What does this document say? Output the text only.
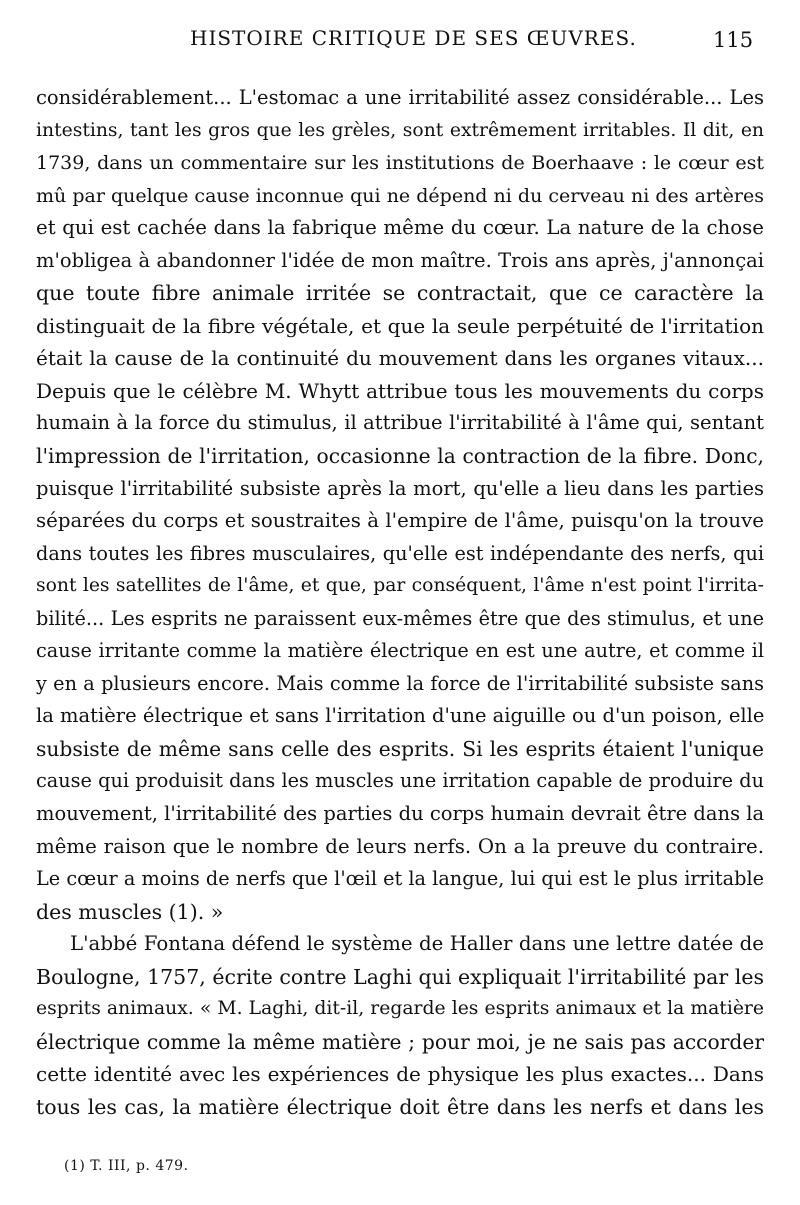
HISTOIRE CRITIQUE DE SES ŒUVRES.	115
considérablement... L'estomac a une irritabilité assez considérable... Les
intestins, tant les gros que les grèles, sont extrêmement irritables. Il dit, en
1739, dans un commentaire sur les institutions de Boerhaave : le cœur est
mû par quelque cause inconnue qui ne dépend ni du cerveau ni des artères
et qui est cachée dans la fabrique même du cœur. La nature de la chose
m'obligea à abandonner l'idée de mon maître. Trois ans après, j'annonçai
que toute fibre animale irritée se contractait, que ce caractère la
distinguait de la fibre végétale, et que la seule perpétuité de l'irritation
était la cause de la continuité du mouvement dans les organes vitaux...
Depuis que le célèbre M. Whytt attribue tous les mouvements du corps
humain à la force du stimulus, il attribue l'irritabilité à l'âme qui, sentant
l'impression de l'irritation, occasionne la contraction de la fibre. Donc,
puisque l'irritabilité subsiste après la mort, qu'elle a lieu dans les parties
séparées du corps et soustraites à l'empire de l'âme, puisqu'on la trouve
dans toutes les fibres musculaires, qu'elle est indépendante des nerfs, qui
sont les satellites de l'âme, et que, par conséquent, l'âme n'est point l'irrita-
bilité... Les esprits ne paraissent eux-mêmes être que des stimulus, et une
cause irritante comme la matière électrique en est une autre, et comme il
y en a plusieurs encore. Mais comme la force de l'irritabilité subsiste sans
la matière électrique et sans l'irritation d'une aiguille ou d'un poison, elle
subsiste de même sans celle des esprits. Si les esprits étaient l'unique
cause qui produisit dans les muscles une irritation capable de produire du
mouvement, l'irritabilité des parties du corps humain devrait être dans la
même raison que le nombre de leurs nerfs. On a la preuve du contraire.
Le cœur a moins de nerfs que l'œil et la langue, lui qui est le plus irritable
des muscles (1). »
L'abbé Fontana défend le système de Haller dans une lettre datée de
Boulogne, 1757, écrite contre Laghi qui expliquait l'irritabilité par les
esprits animaux. « M. Laghi, dit-il, regarde les esprits animaux et la matière
électrique comme la même matière ; pour moi, je ne sais pas accorder
cette identité avec les expériences de physique les plus exactes... Dans
tous les cas, la matière électrique doit être dans les nerfs et dans les
(1) T. III, p. 479.
